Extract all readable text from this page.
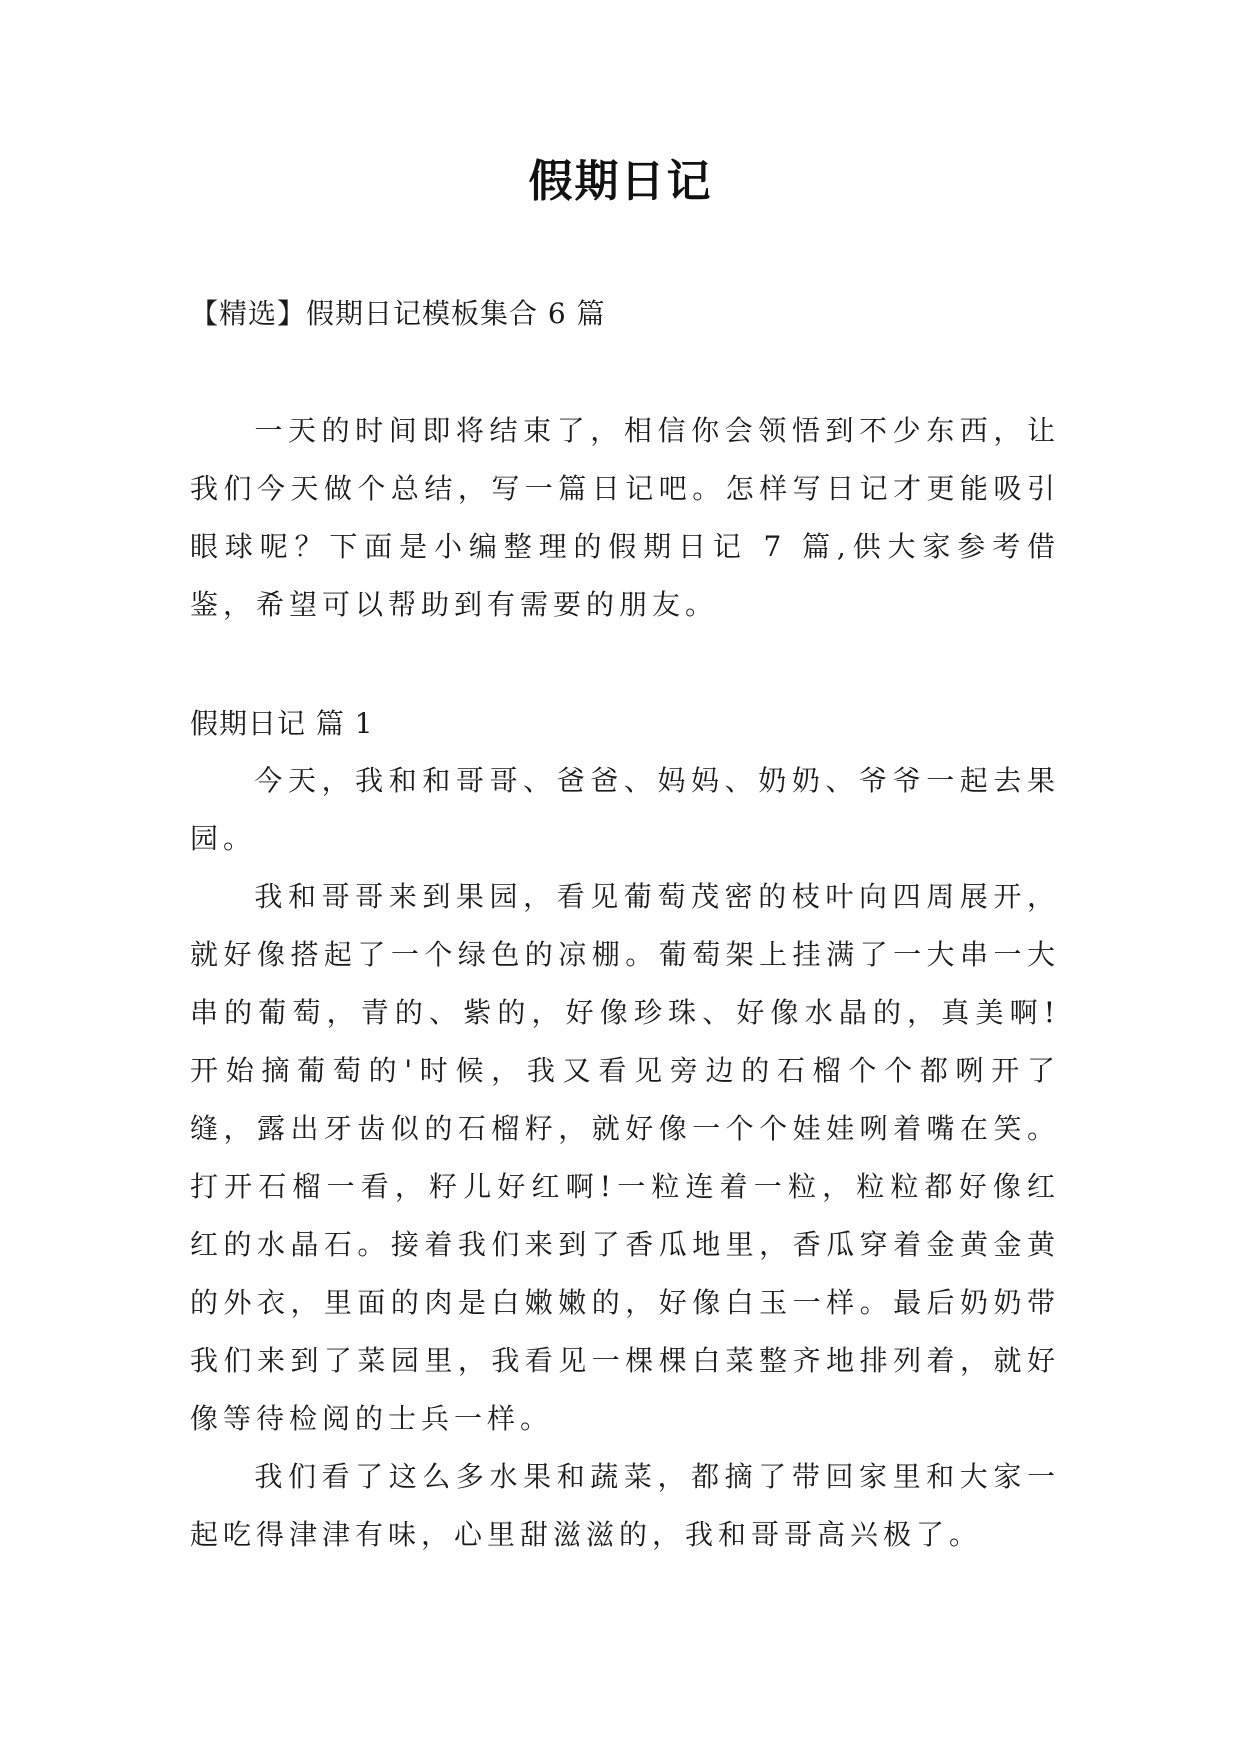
假期日记
【精选】假期日记模板集合 6 篇

一天的时间即将结束了，相信你会领悟到不少东西，让我们今天做个总结，写一篇日记吧。怎样写日记才更能吸引眼球呢？下面是小编整理的假期日记 7 篇,供大家参考借鉴，希望可以帮助到有需要的朋友。

假期日记 篇 1

今天，我和和哥哥、爸爸、妈妈、奶奶、爷爷一起去果园。

我和哥哥来到果园，看见葡萄茂密的枝叶向四周展开，就好像搭起了一个绿色的凉棚。葡萄架上挂满了一大串一大串的葡萄，青的、紫的，好像珍珠、好像水晶的，真美啊!开始摘葡萄的'时候，我又看见旁边的石榴个个都咧开了缝，露出牙齿似的石榴籽，就好像一个个娃娃咧着嘴在笑。打开石榴一看，籽儿好红啊!一粒连着一粒，粒粒都好像红红的水晶石。接着我们来到了香瓜地里，香瓜穿着金黄金黄的外衣，里面的肉是白嫩嫩的，好像白玉一样。最后奶奶带我们来到了菜园里，我看见一棵棵白菜整齐地排列着，就好像等待检阅的士兵一样。

我们看了这么多水果和蔬菜，都摘了带回家里和大家一起吃得津津有味，心里甜滋滋的，我和哥哥高兴极了。
